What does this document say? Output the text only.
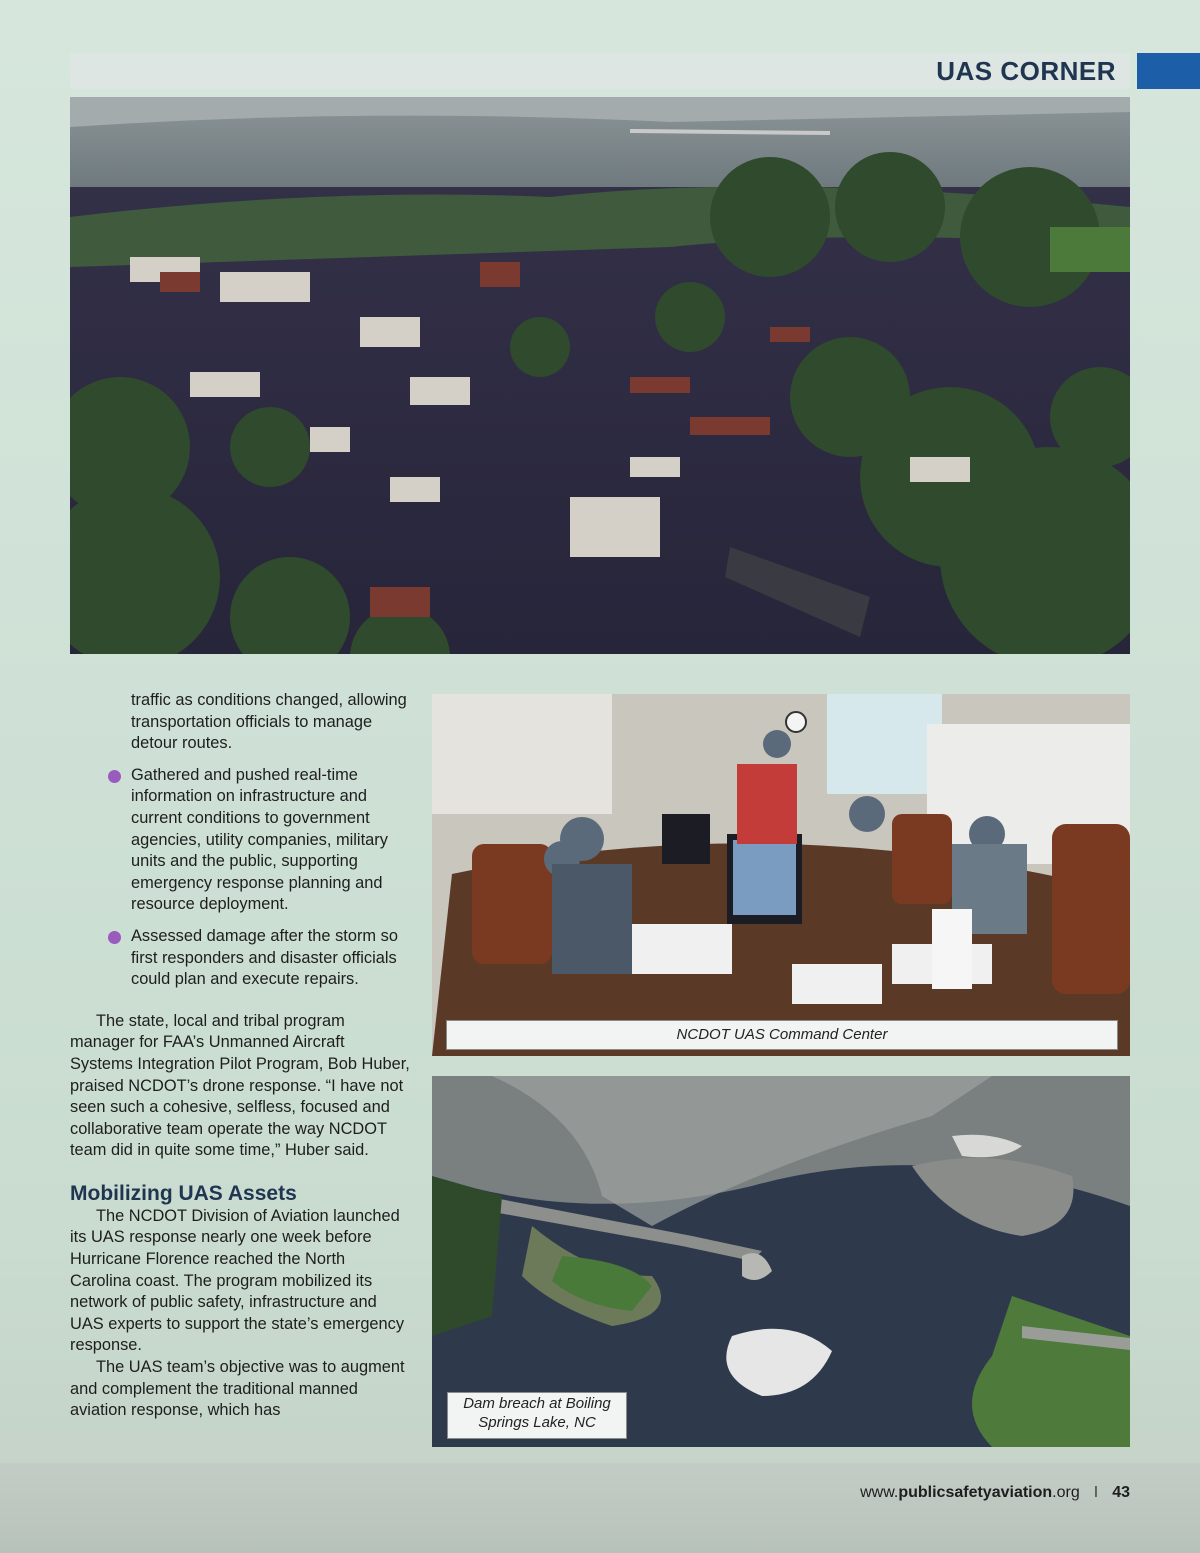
UAS CORNER

traffic as conditions changed, allowing transportation officials to manage detour routes.

Gathered and pushed real-time information on infrastructure and current conditions to government agencies, utility companies, military units and the public, supporting emergency response planning and resource deployment.

Assessed damage after the storm so first responders and disaster officials could plan and execute repairs.

The state, local and tribal program manager for FAA’s Unmanned Aircraft Systems Integration Pilot Program, Bob Huber, praised NCDOT’s drone response. “I have not seen such a cohesive, selfless, focused and collaborative team operate the way NCDOT team did in quite some time,” Huber said.

Mobilizing UAS Assets

The NCDOT Division of Aviation launched its UAS response nearly one week before Hurricane Florence reached the North Carolina coast. The program mobilized its network of public safety, infrastructure and UAS experts to support the state’s emergency response.

The UAS team’s objective was to augment and complement the traditional manned aviation response, which has

NCDOT UAS Command Center
Dam breach at Boiling Springs Lake, NC
www.publicsafetyaviation.org I 43
